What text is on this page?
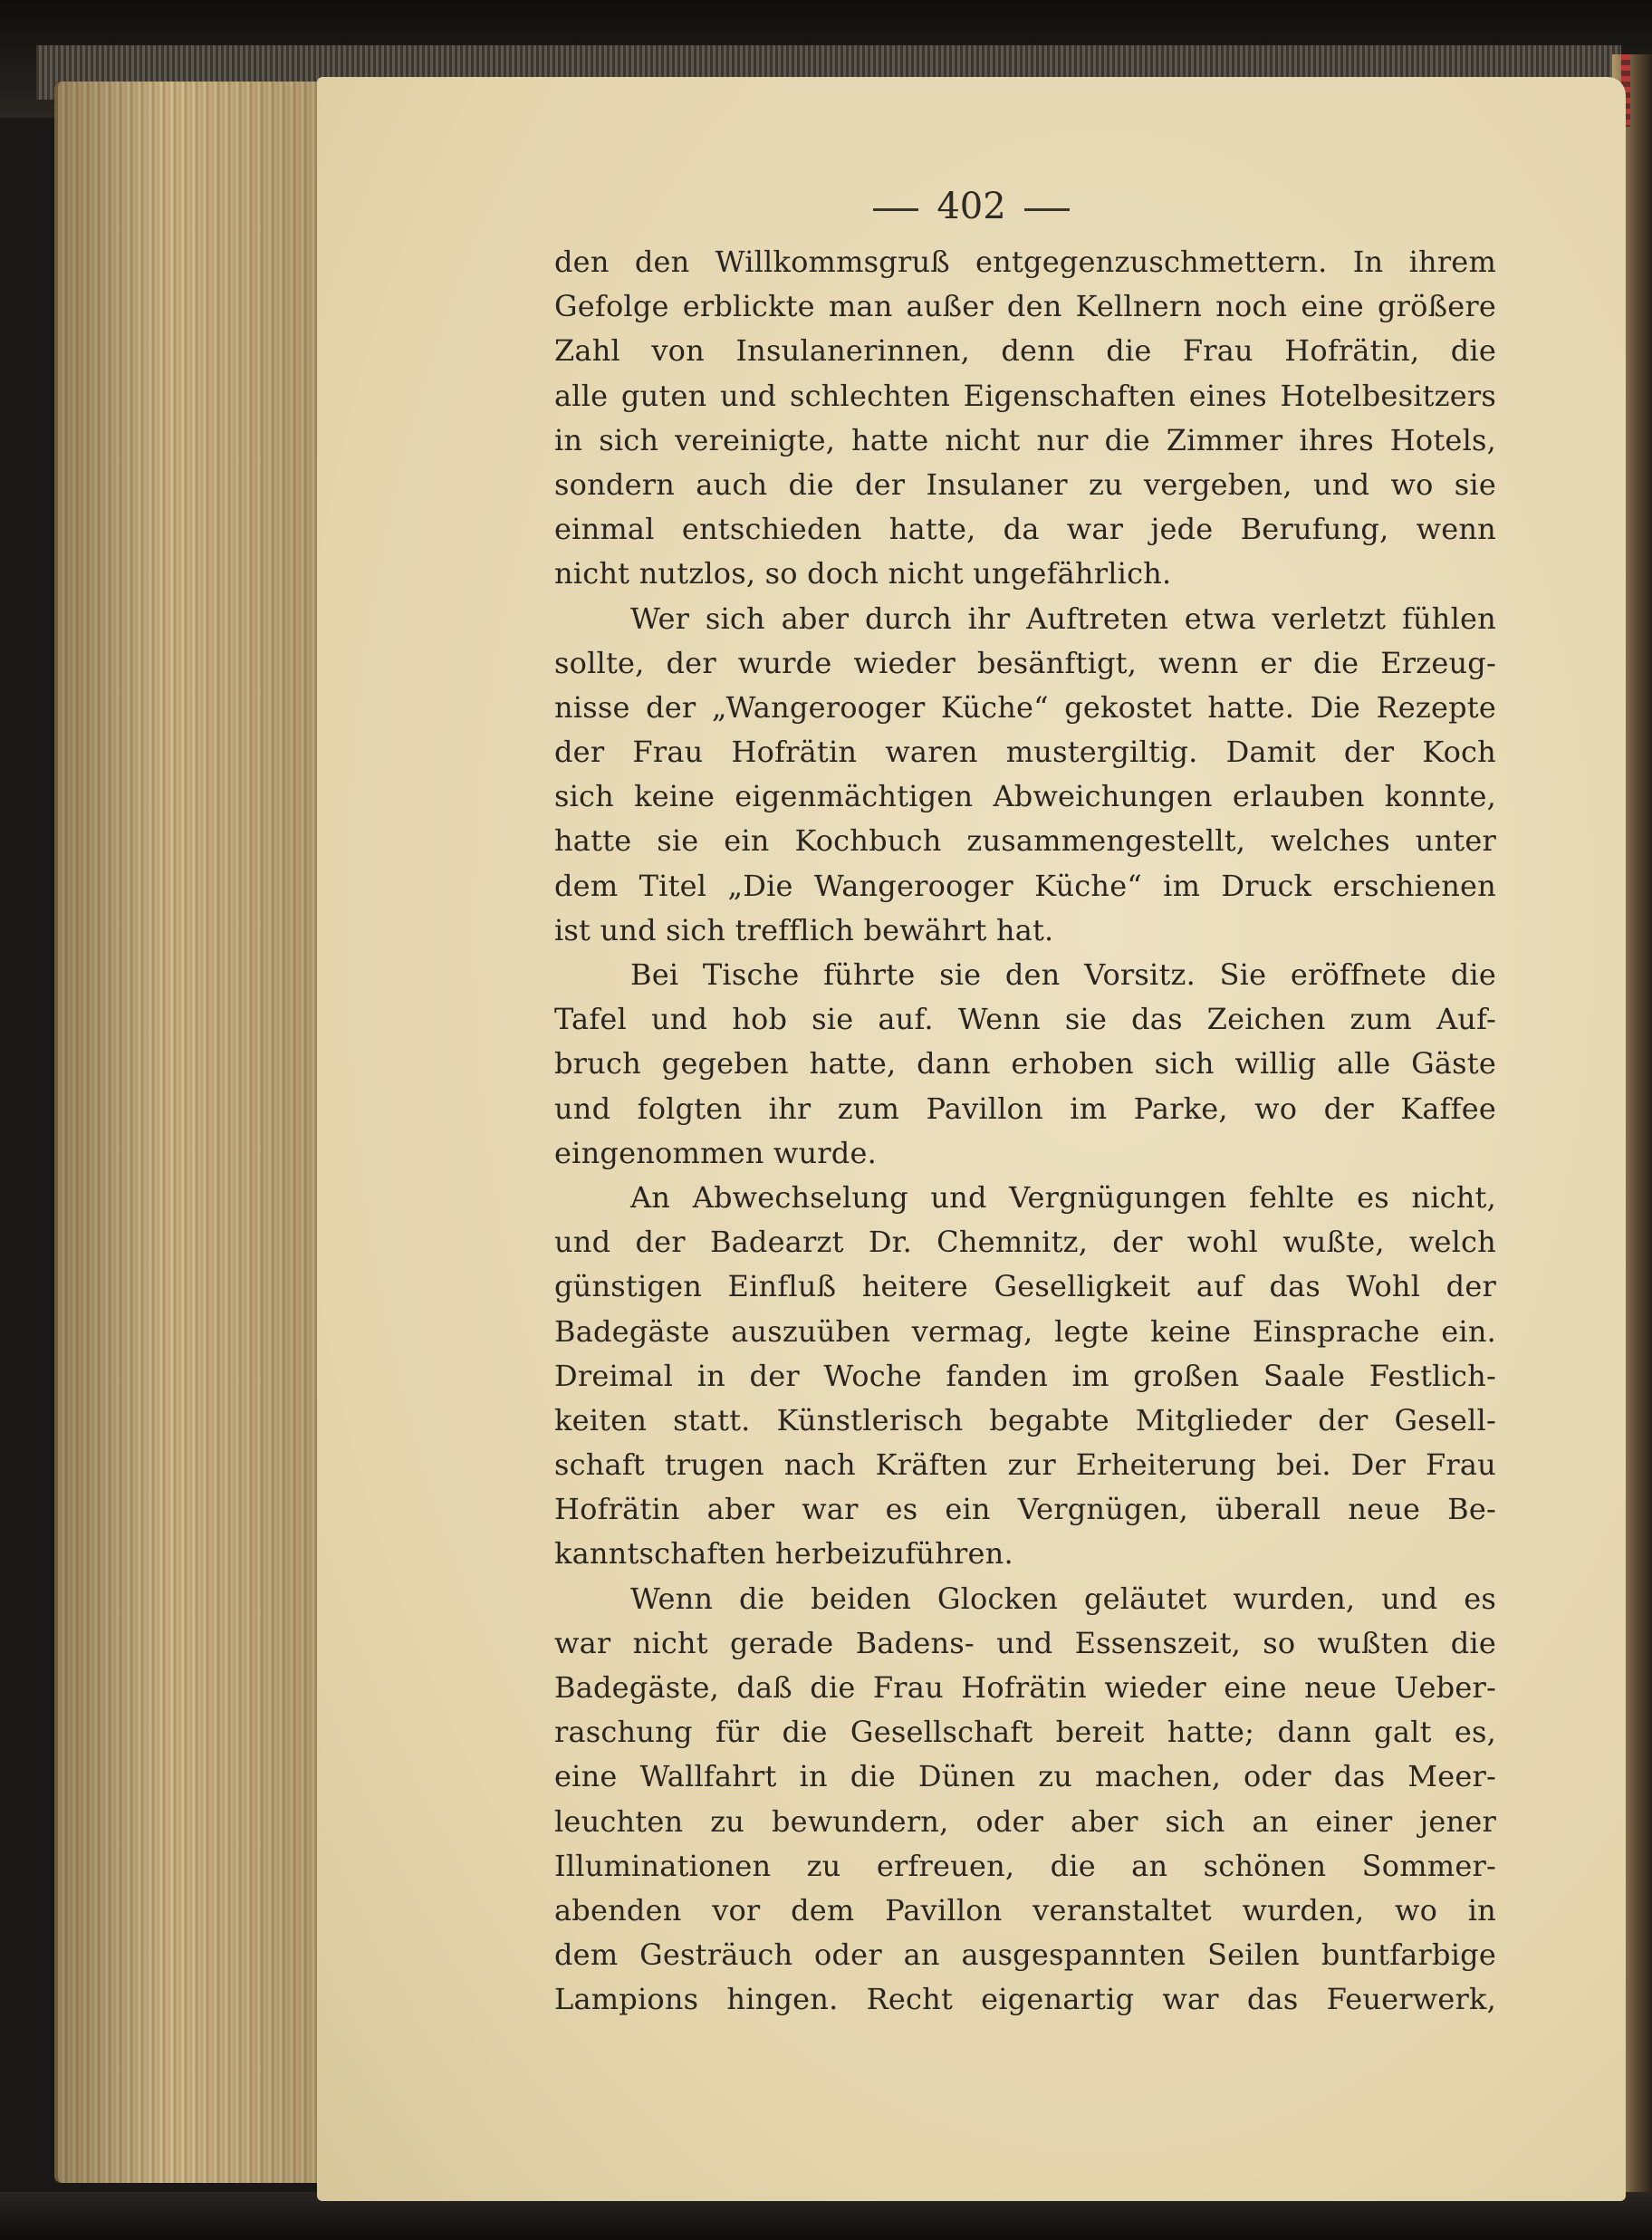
402
den den Willkommsgruß entgegenzuschmettern. In ihrem
Gefolge erblickte man außer den Kellnern noch eine größere
Zahl von Insulanerinnen, denn die Frau Hofrätin, die
alle guten und schlechten Eigenschaften eines Hotelbesitzers
in sich vereinigte, hatte nicht nur die Zimmer ihres Hotels,
sondern auch die der Insulaner zu vergeben, und wo sie
einmal entschieden hatte, da war jede Berufung, wenn
nicht nutzlos, so doch nicht ungefährlich.
Wer sich aber durch ihr Auftreten etwa verletzt fühlen
sollte, der wurde wieder besänftigt, wenn er die Erzeug-
nisse der „Wangerooger Küche“ gekostet hatte. Die Rezepte
der Frau Hofrätin waren mustergiltig. Damit der Koch
sich keine eigenmächtigen Abweichungen erlauben konnte,
hatte sie ein Kochbuch zusammengestellt, welches unter
dem Titel „Die Wangerooger Küche“ im Druck erschienen
ist und sich trefflich bewährt hat.
Bei Tische führte sie den Vorsitz. Sie eröffnete die
Tafel und hob sie auf. Wenn sie das Zeichen zum Auf-
bruch gegeben hatte, dann erhoben sich willig alle Gäste
und folgten ihr zum Pavillon im Parke, wo der Kaffee
eingenommen wurde.
An Abwechselung und Vergnügungen fehlte es nicht,
und der Badearzt Dr. Chemnitz, der wohl wußte, welch
günstigen Einfluß heitere Geselligkeit auf das Wohl der
Badegäste auszuüben vermag, legte keine Einsprache ein.
Dreimal in der Woche fanden im großen Saale Festlich-
keiten statt. Künstlerisch begabte Mitglieder der Gesell-
schaft trugen nach Kräften zur Erheiterung bei. Der Frau
Hofrätin aber war es ein Vergnügen, überall neue Be-
kanntschaften herbeizuführen.
Wenn die beiden Glocken geläutet wurden, und es
war nicht gerade Badens- und Essenszeit, so wußten die
Badegäste, daß die Frau Hofrätin wieder eine neue Ueber-
raschung für die Gesellschaft bereit hatte; dann galt es,
eine Wallfahrt in die Dünen zu machen, oder das Meer-
leuchten zu bewundern, oder aber sich an einer jener
Illuminationen zu erfreuen, die an schönen Sommer-
abenden vor dem Pavillon veranstaltet wurden, wo in
dem Gesträuch oder an ausgespannten Seilen buntfarbige
Lampions hingen. Recht eigenartig war das Feuerwerk,
